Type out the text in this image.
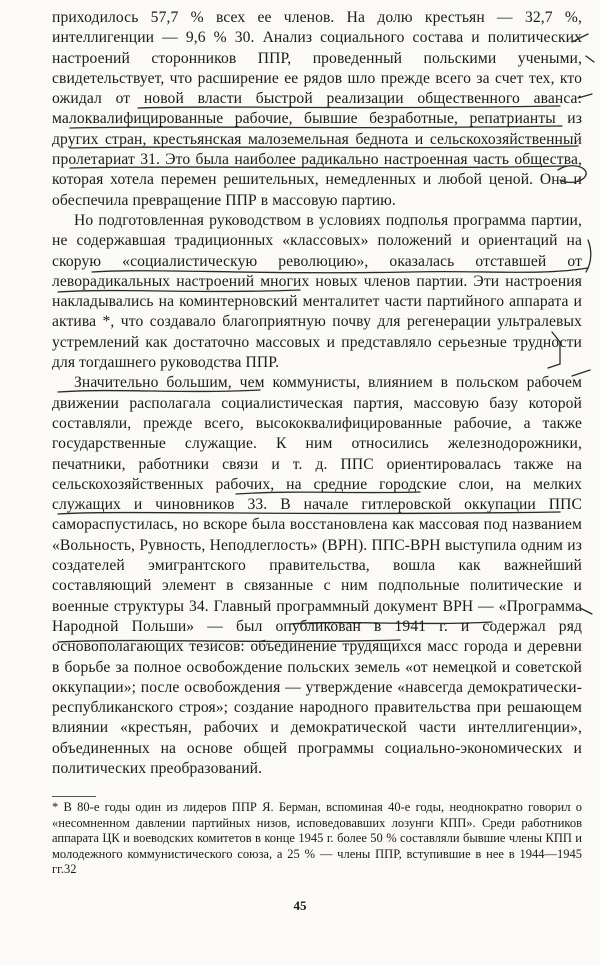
приходилось 57,7 % всех ее членов. На долю крестьян — 32,7 %, интеллигенции — 9,6 % 30. Анализ социального состава и политических настроений сторонников ППР, проведенный польскими учеными, свидетельствует, что расширение ее рядов шло прежде всего за счет тех, кто ожидал от новой власти быстрой реализации общественного аванса: малоквалифицированные рабочие, бывшие безработные, репатрианты из других стран, крестьянская малоземельная беднота и сельскохозяйственный пролетариат 31. Это была наиболее радикально настроенная часть общества, которая хотела перемен решительных, немедленных и любой ценой. Она и обеспечила превращение ППР в массовую партию.

Но подготовленная руководством в условиях подполья программа партии, не содержавшая традиционных «классовых» положений и ориентаций на скорую «социалистическую революцию», оказалась отставшей от леворадикальных настроений многих новых членов партии. Эти настроения накладывались на коминтерновский менталитет части партийного аппарата и актива *, что создавало благоприятную почву для регенерации ультралевых устремлений как достаточно массовых и представляло серьезные трудности для тогдашнего руководства ППР.

Значительно большим, чем коммунисты, влиянием в польском рабочем движении располагала социалистическая партия, массовую базу которой составляли, прежде всего, высококвалифицированные рабочие, а также государственные служащие. К ним относились железнодорожники, печатники, работники связи и т. д. ППС ориентировалась также на сельскохозяйственных рабочих, на средние городские слои, на мелких служащих и чиновников 33. В начале гитлеровской оккупации ППС самораспустилась, но вскоре была восстановлена как массовая под названием «Вольность, Рувность, Неподлеглость» (ВРН). ППС-ВРН выступила одним из создателей эмигрантского правительства, вошла как важнейший составляющий элемент в связанные с ним подпольные политические и военные структуры 34. Главный программный документ ВРН — «Программа Народной Польши» — был опубликован в 1941 г. и содержал ряд основополагающих тезисов: объединение трудящихся масс города и деревни в борьбе за полное освобождение польских земель «от немецкой и советской оккупации»; после освобождения — утверждение «навсегда демократически-республиканского строя»; создание народного правительства при решающем влиянии «крестьян, рабочих и демократической части интеллигенции», объединенных на основе общей программы социально-экономических и политических преобразований.

* В 80-е годы один из лидеров ППР Я. Берман, вспоминая 40-е годы, неоднократно говорил о «несомненном давлении партийных низов, исповедовавших лозунги КПП». Среди работников аппарата ЦК и воеводских комитетов в конце 1945 г. более 50 % составляли бывшие члены КПП и молодежного коммунистического союза, а 25 % — члены ППР, вступившие в нее в 1944—1945 гг.32

45
